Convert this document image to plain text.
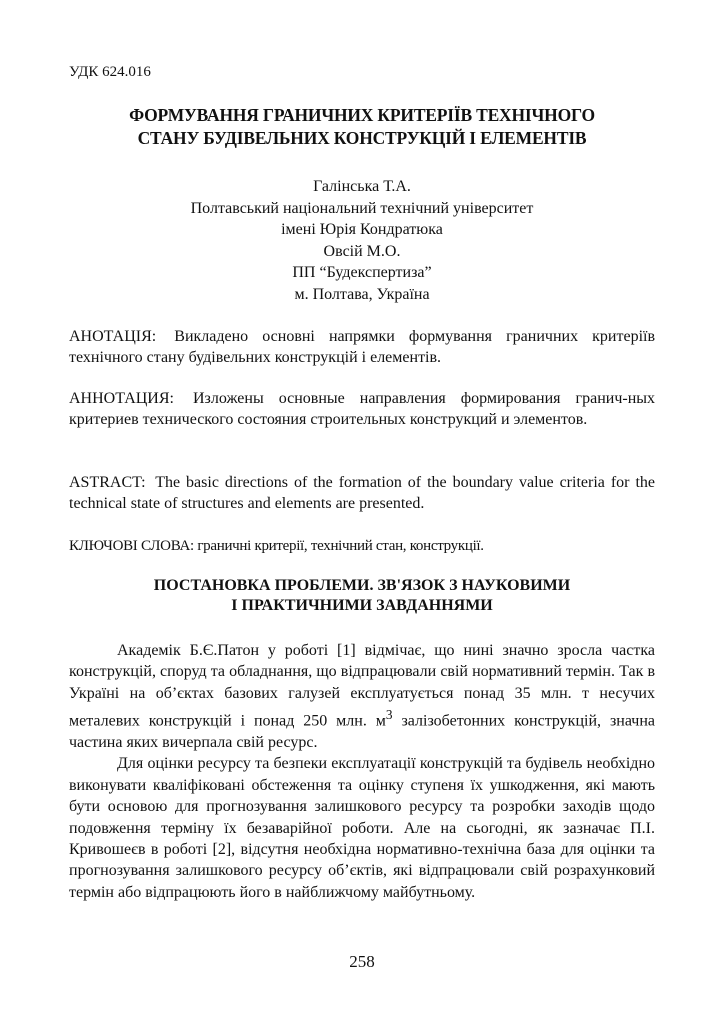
УДК 624.016
ФОРМУВАННЯ ГРАНИЧНИХ КРИТЕРІЇВ ТЕХНІЧНОГО
СТАНУ БУДІВЕЛЬНИХ КОНСТРУКЦІЙ І ЕЛЕМЕНТІВ
Галінська Т.А.
Полтавський національний технічний університет
імені Юрія Кондратюка
Овсій М.О.
ПП “Будекспертиза”
м. Полтава, Україна
АНОТАЦІЯ: Викладено основні напрямки формування граничних критеріїв технічного стану будівельних конструкцій і елементів.
АННОТАЦИЯ: Изложены основные направления формирования гранич-ных критериев технического состояния строительных конструкций и элементов.
ASTRACT: The basic directions of the formation of the boundary value criteria for the technical state of structures and elements are presented.
КЛЮЧОВІ СЛОВА: граничні критерії, технічний стан, конструкції.
ПОСТАНОВКА ПРОБЛЕМИ. ЗВ'ЯЗОК З НАУКОВИМИ
І ПРАКТИЧНИМИ ЗАВДАННЯМИ

Академік Б.Є.Патон у роботі [1] відмічає, що нині значно зросла частка конструкцій, споруд та обладнання, що відпрацювали свій нормативний термін. Так в Україні на об’єктах базових галузей експлуатується понад 35 млн. т несучих металевих конструкцій і понад 250 млн. $м^3$ залізобетонних конструкцій, значна частина яких вичерпала свій ресурс.

Для оцінки ресурсу та безпеки експлуатації конструкцій та будівель необхідно виконувати кваліфіковані обстеження та оцінку ступеня їх ушкодження, які мають бути основою для прогнозування залишкового ресурсу та розробки заходів щодо подовження терміну їх безаварійної роботи. Але на сьогодні, як зазначає П.І. Кривошеєв в роботі [2], відсутня необхідна нормативно-технічна база для оцінки та прогнозування залишкового ресурсу об’єктів, які відпрацювали свій розрахунковий термін або відпрацюють його в найближчому майбутньому.

258
